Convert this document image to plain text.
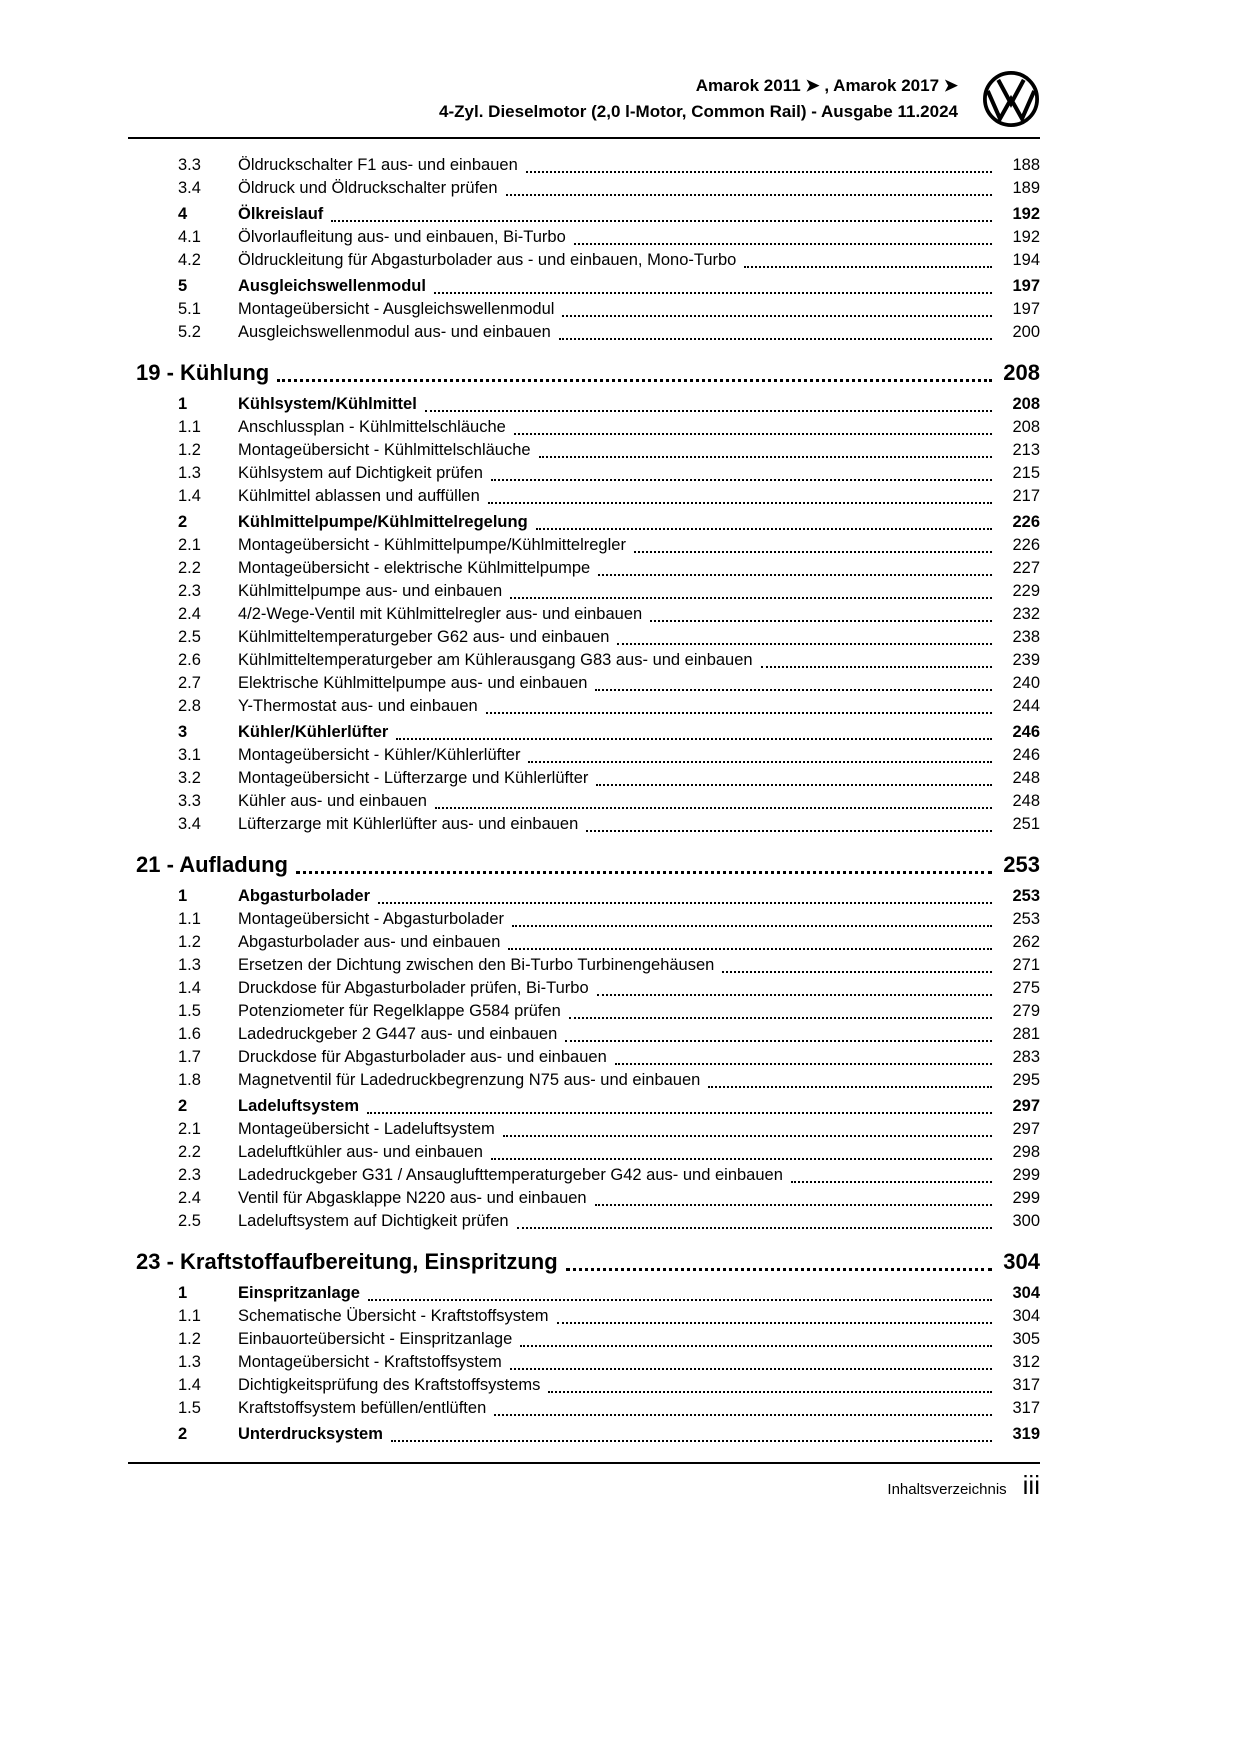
Amarok 2011 ➤ , Amarok 2017 ➤
4-Zyl. Dieselmotor (2,0 l-Motor, Common Rail) - Ausgabe 11.2024
3.3	Öldruckschalter F1 aus- und einbauen	188
3.4	Öldruck und Öldruckschalter prüfen	189
4	Ölkreislauf	192
4.1	Ölvorlaufleitung aus- und einbauen, Bi-Turbo	192
4.2	Öldruckleitung für Abgasturbolader aus - und einbauen, Mono-Turbo	194
5	Ausgleichswellenmodul	197
5.1	Montageübersicht - Ausgleichswellenmodul	197
5.2	Ausgleichswellenmodul aus- und einbauen	200
19 - Kühlung	208
1	Kühlsystem/Kühlmittel	208
1.1	Anschlussplan - Kühlmittelschläuche	208
1.2	Montageübersicht - Kühlmittelschläuche	213
1.3	Kühlsystem auf Dichtigkeit prüfen	215
1.4	Kühlmittel ablassen und auffüllen	217
2	Kühlmittelpumpe/Kühlmittelregelung	226
2.1	Montageübersicht - Kühlmittelpumpe/Kühlmittelregler	226
2.2	Montageübersicht - elektrische Kühlmittelpumpe	227
2.3	Kühlmittelpumpe aus- und einbauen	229
2.4	4/2-Wege-Ventil mit Kühlmittelregler aus- und einbauen	232
2.5	Kühlmitteltemperaturgeber G62 aus- und einbauen	238
2.6	Kühlmitteltemperaturgeber am Kühlerausgang G83 aus- und einbauen	239
2.7	Elektrische Kühlmittelpumpe aus- und einbauen	240
2.8	Y-Thermostat aus- und einbauen	244
3	Kühler/Kühlerlüfter	246
3.1	Montageübersicht - Kühler/Kühlerlüfter	246
3.2	Montageübersicht - Lüfterzarge und Kühlerlüfter	248
3.3	Kühler aus- und einbauen	248
3.4	Lüfterzarge mit Kühlerlüfter aus- und einbauen	251
21 - Aufladung	253
1	Abgasturbolader	253
1.1	Montageübersicht - Abgasturbolader	253
1.2	Abgasturbolader aus- und einbauen	262
1.3	Ersetzen der Dichtung zwischen den Bi-Turbo Turbinengehäusen	271
1.4	Druckdose für Abgasturbolader prüfen, Bi-Turbo	275
1.5	Potenziometer für Regelklappe G584 prüfen	279
1.6	Ladedruckgeber 2 G447 aus- und einbauen	281
1.7	Druckdose für Abgasturbolader aus- und einbauen	283
1.8	Magnetventil für Ladedruckbegrenzung N75 aus- und einbauen	295
2	Ladeluftsystem	297
2.1	Montageübersicht - Ladeluftsystem	297
2.2	Ladeluftkühler aus- und einbauen	298
2.3	Ladedruckgeber G31 / Ansauglufttemperaturgeber G42 aus- und einbauen	299
2.4	Ventil für Abgasklappe N220 aus- und einbauen	299
2.5	Ladeluftsystem auf Dichtigkeit prüfen	300
23 - Kraftstoffaufbereitung, Einspritzung	304
1	Einspritzanlage	304
1.1	Schematische Übersicht - Kraftstoffsystem	304
1.2	Einbauorteübersicht - Einspritzanlage	305
1.3	Montageübersicht - Kraftstoffsystem	312
1.4	Dichtigkeitsprüfung des Kraftstoffsystems	317
1.5	Kraftstoffsystem befüllen/entlüften	317
2	Unterdrucksystem	319
Inhaltsverzeichnis iii
